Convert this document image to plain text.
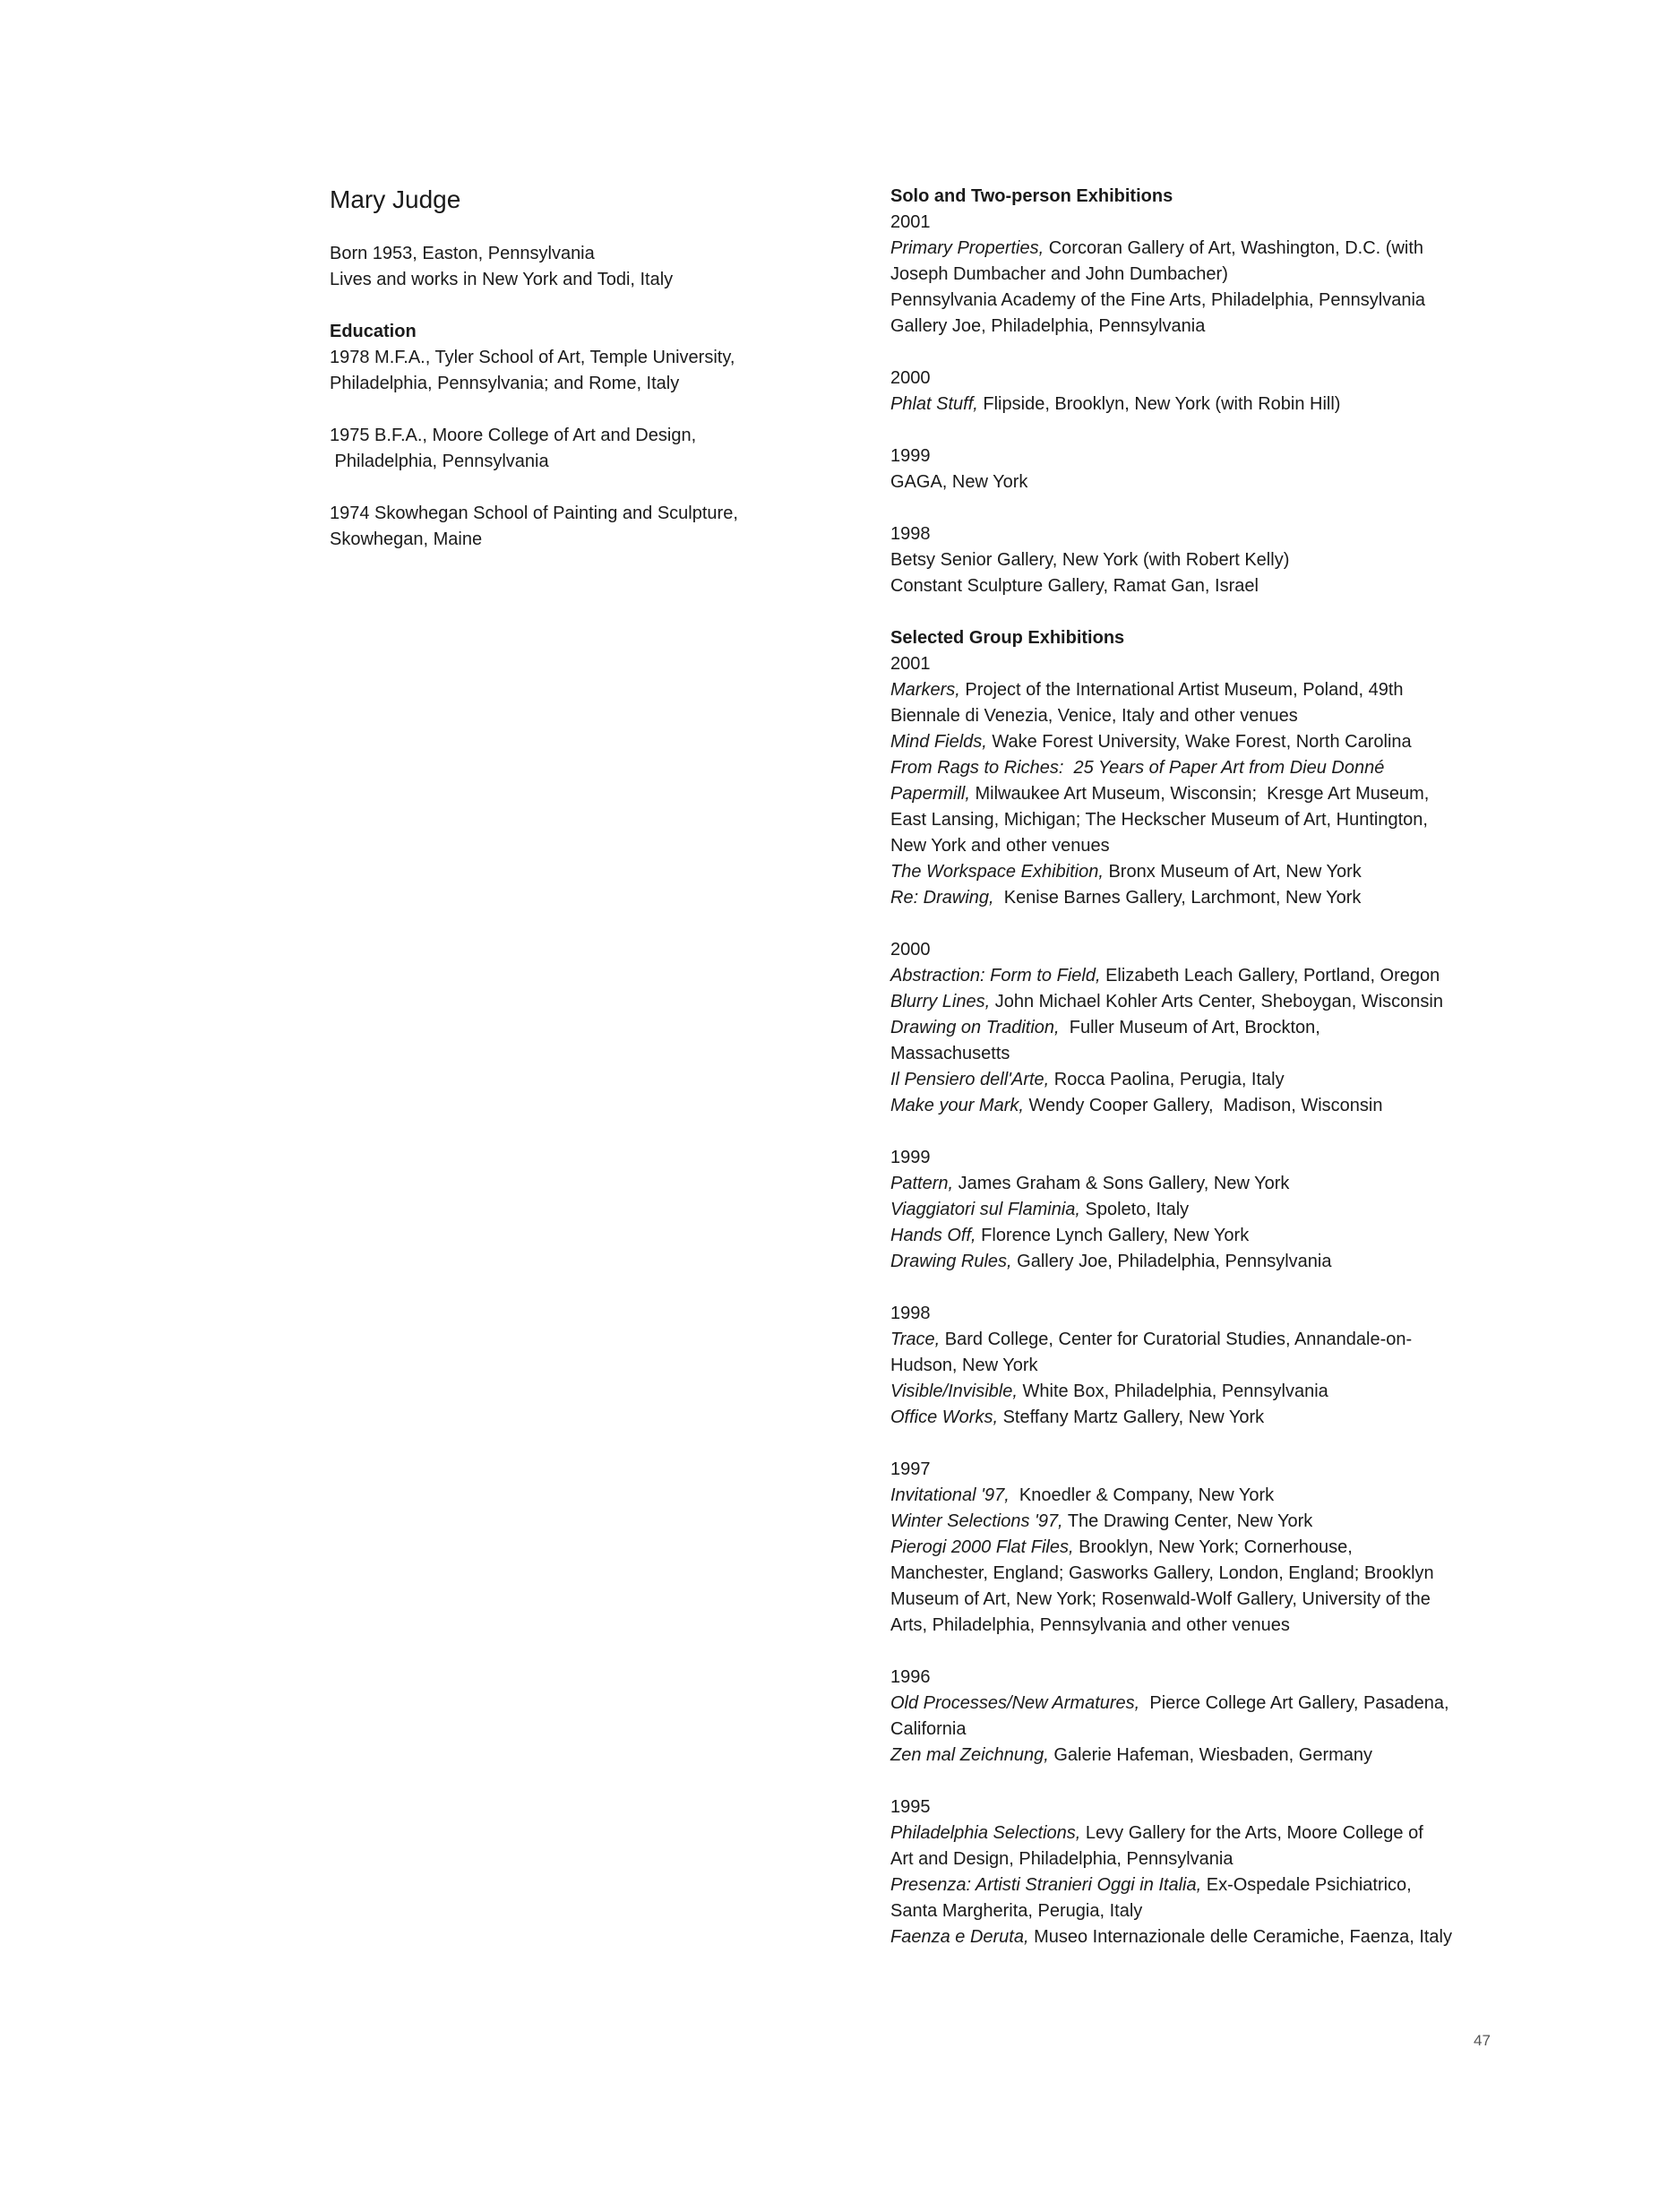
Mary Judge
Born 1953, Easton, Pennsylvania
Lives and works in New York and Todi, Italy
Education
1978 M.F.A., Tyler School of Art, Temple University,
Philadelphia, Pennsylvania; and Rome, Italy
1975 B.F.A., Moore College of Art and Design,
Philadelphia, Pennsylvania
1974 Skowhegan School of Painting and Sculpture,
Skowhegan, Maine
Solo and Two-person Exhibitions
2001
Primary Properties, Corcoran Gallery of Art, Washington, D.C. (with
Joseph Dumbacher and John Dumbacher)
Pennsylvania Academy of the Fine Arts, Philadelphia, Pennsylvania
Gallery Joe, Philadelphia, Pennsylvania
2000
Phlat Stuff, Flipside, Brooklyn, New York (with Robin Hill)
1999
GAGA, New York
1998
Betsy Senior Gallery, New York (with Robert Kelly)
Constant Sculpture Gallery, Ramat Gan, Israel
Selected Group Exhibitions
2001
Markers, Project of the International Artist Museum, Poland, 49th
Biennale di Venezia, Venice, Italy and other venues
Mind Fields, Wake Forest University, Wake Forest, North Carolina
From Rags to Riches:  25 Years of Paper Art from Dieu Donné
Papermill, Milwaukee Art Museum, Wisconsin;  Kresge Art Museum,
East Lansing, Michigan; The Heckscher Museum of Art, Huntington,
New York and other venues
The Workspace Exhibition, Bronx Museum of Art, New York
Re: Drawing,  Kenise Barnes Gallery, Larchmont, New York
2000
Abstraction: Form to Field, Elizabeth Leach Gallery, Portland, Oregon
Blurry Lines, John Michael Kohler Arts Center, Sheboygan, Wisconsin
Drawing on Tradition,  Fuller Museum of Art, Brockton,
Massachusetts
Il Pensiero dell'Arte, Rocca Paolina, Perugia, Italy
Make your Mark, Wendy Cooper Gallery,  Madison, Wisconsin
1999
Pattern, James Graham & Sons Gallery, New York
Viaggiatori sul Flaminia, Spoleto, Italy
Hands Off, Florence Lynch Gallery, New York
Drawing Rules, Gallery Joe, Philadelphia, Pennsylvania
1998
Trace, Bard College, Center for Curatorial Studies, Annandale-on-
Hudson, New York
Visible/Invisible, White Box, Philadelphia, Pennsylvania
Office Works, Steffany Martz Gallery, New York
1997
Invitational '97,  Knoedler & Company, New York
Winter Selections '97, The Drawing Center, New York
Pierogi 2000 Flat Files, Brooklyn, New York; Cornerhouse,
Manchester, England; Gasworks Gallery, London, England; Brooklyn
Museum of Art, New York; Rosenwald-Wolf Gallery, University of the
Arts, Philadelphia, Pennsylvania and other venues
1996
Old Processes/New Armatures,  Pierce College Art Gallery, Pasadena,
California
Zen mal Zeichnung, Galerie Hafeman, Wiesbaden, Germany
1995
Philadelphia Selections, Levy Gallery for the Arts, Moore College of
Art and Design, Philadelphia, Pennsylvania
Presenza: Artisti Stranieri Oggi in Italia, Ex-Ospedale Psichiatrico,
Santa Margherita, Perugia, Italy
Faenza e Deruta, Museo Internazionale delle Ceramiche, Faenza, Italy
47
